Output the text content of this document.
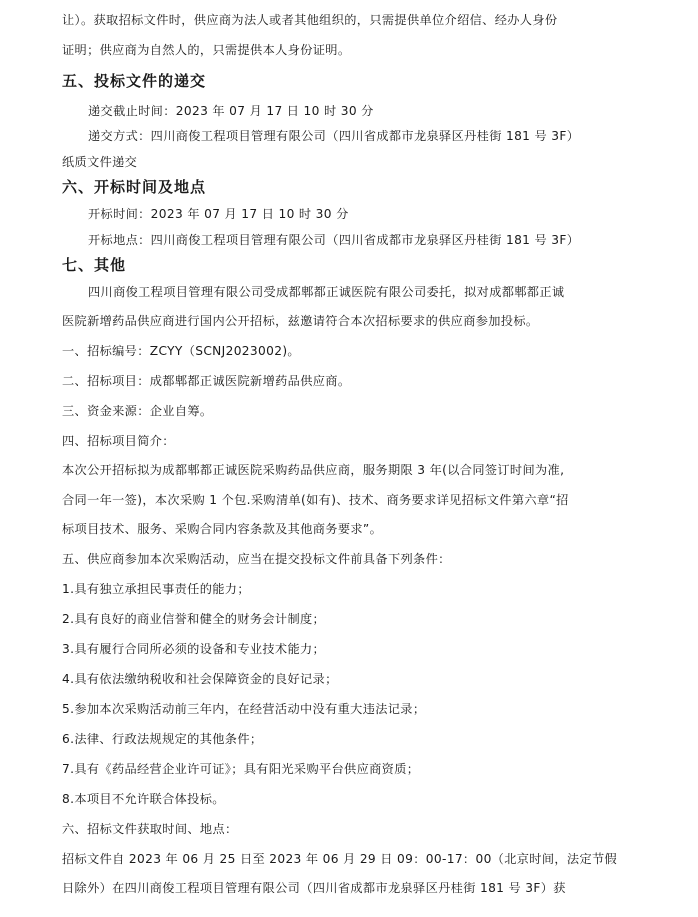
让）。获取招标文件时，供应商为法人或者其他组织的，只需提供单位介绍信、经办人身份
证明；供应商为自然人的，只需提供本人身份证明。
五、投标文件的递交
递交截止时间：2023 年 07 月 17 日 10 时 30 分
递交方式：四川商俊工程项目管理有限公司（四川省成都市龙泉驿区丹桂街 181 号 3F）
纸质文件递交
六、开标时间及地点
开标时间：2023 年 07 月 17 日 10 时 30 分
开标地点：四川商俊工程项目管理有限公司（四川省成都市龙泉驿区丹桂街 181 号 3F）
七、其他
四川商俊工程项目管理有限公司受成都郫都正诚医院有限公司委托，拟对成都郫都正诚
医院新增药品供应商进行国内公开招标，兹邀请符合本次招标要求的供应商参加投标。
一、招标编号：ZCYY（SCNJ2023002)。
二、招标项目：成都郫都正诚医院新增药品供应商。
三、资金来源：企业自筹。
四、招标项目简介：
本次公开招标拟为成都郫都正诚医院采购药品供应商，服务期限 3 年(以合同签订时间为准,
合同一年一签)，本次采购 1 个包.采购清单(如有)、技术、商务要求详见招标文件第六章“招
标项目技术、服务、采购合同内容条款及其他商务要求”。
五、供应商参加本次采购活动，应当在提交投标文件前具备下列条件：
1.具有独立承担民事责任的能力；
2.具有良好的商业信誉和健全的财务会计制度；
3.具有履行合同所必须的设备和专业技术能力；
4.具有依法缴纳税收和社会保障资金的良好记录；
5.参加本次采购活动前三年内，在经营活动中没有重大违法记录；
6.法律、行政法规规定的其他条件；
7.具有《药品经营企业许可证》；具有阳光采购平台供应商资质；
8.本项目不允许联合体投标。
六、招标文件获取时间、地点：
招标文件自 2023 年 06 月 25 日至 2023 年 06 月 29 日 09：00-17：00（北京时间，法定节假
日除外）在四川商俊工程项目管理有限公司（四川省成都市龙泉驿区丹桂街 181 号 3F）获
